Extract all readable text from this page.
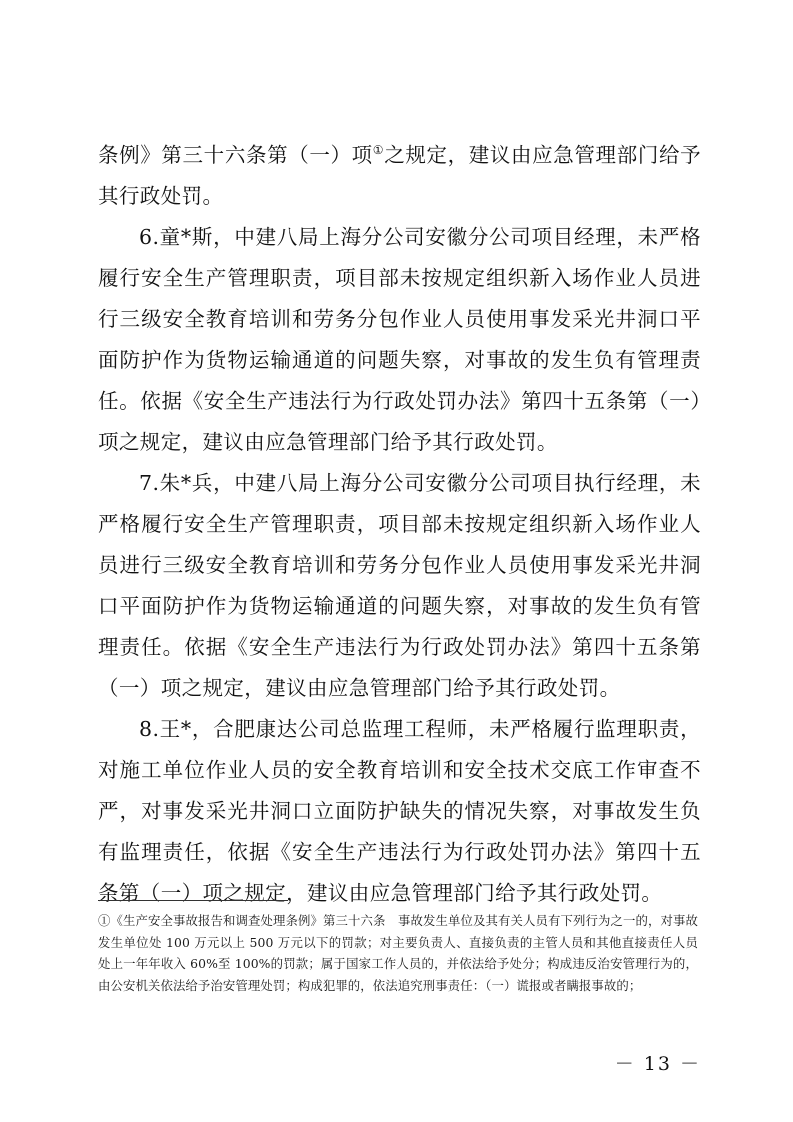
条例》第三十六条第（一）项①之规定，建议由应急管理部门给予其行政处罚。

6.童*斯，中建八局上海分公司安徽分公司项目经理，未严格履行安全生产管理职责，项目部未按规定组织新入场作业人员进行三级安全教育培训和劳务分包作业人员使用事发采光井洞口平面防护作为货物运输通道的问题失察，对事故的发生负有管理责任。依据《安全生产违法行为行政处罚办法》第四十五条第（一）项之规定，建议由应急管理部门给予其行政处罚。

7.朱*兵，中建八局上海分公司安徽分公司项目执行经理，未严格履行安全生产管理职责，项目部未按规定组织新入场作业人员进行三级安全教育培训和劳务分包作业人员使用事发采光井洞口平面防护作为货物运输通道的问题失察，对事故的发生负有管理责任。依据《安全生产违法行为行政处罚办法》第四十五条第（一）项之规定，建议由应急管理部门给予其行政处罚。

8.王*，合肥康达公司总监理工程师，未严格履行监理职责，对施工单位作业人员的安全教育培训和安全技术交底工作审查不严，对事发采光井洞口立面防护缺失的情况失察，对事故发生负有监理责任，依据《安全生产违法行为行政处罚办法》第四十五条第（一）项之规定，建议由应急管理部门给予其行政处罚。

①《生产安全事故报告和调查处理条例》第三十六条　事故发生单位及其有关人员有下列行为之一的，对事故发生单位处 100 万元以上 500 万元以下的罚款；对主要负责人、直接负责的主管人员和其他直接责任人员处上一年年收入 60%至 100%的罚款；属于国家工作人员的，并依法给予处分；构成违反治安管理行为的，由公安机关依法给予治安管理处罚；构成犯罪的，依法追究刑事责任：（一）谎报或者瞒报事故的；

－ 13 －
